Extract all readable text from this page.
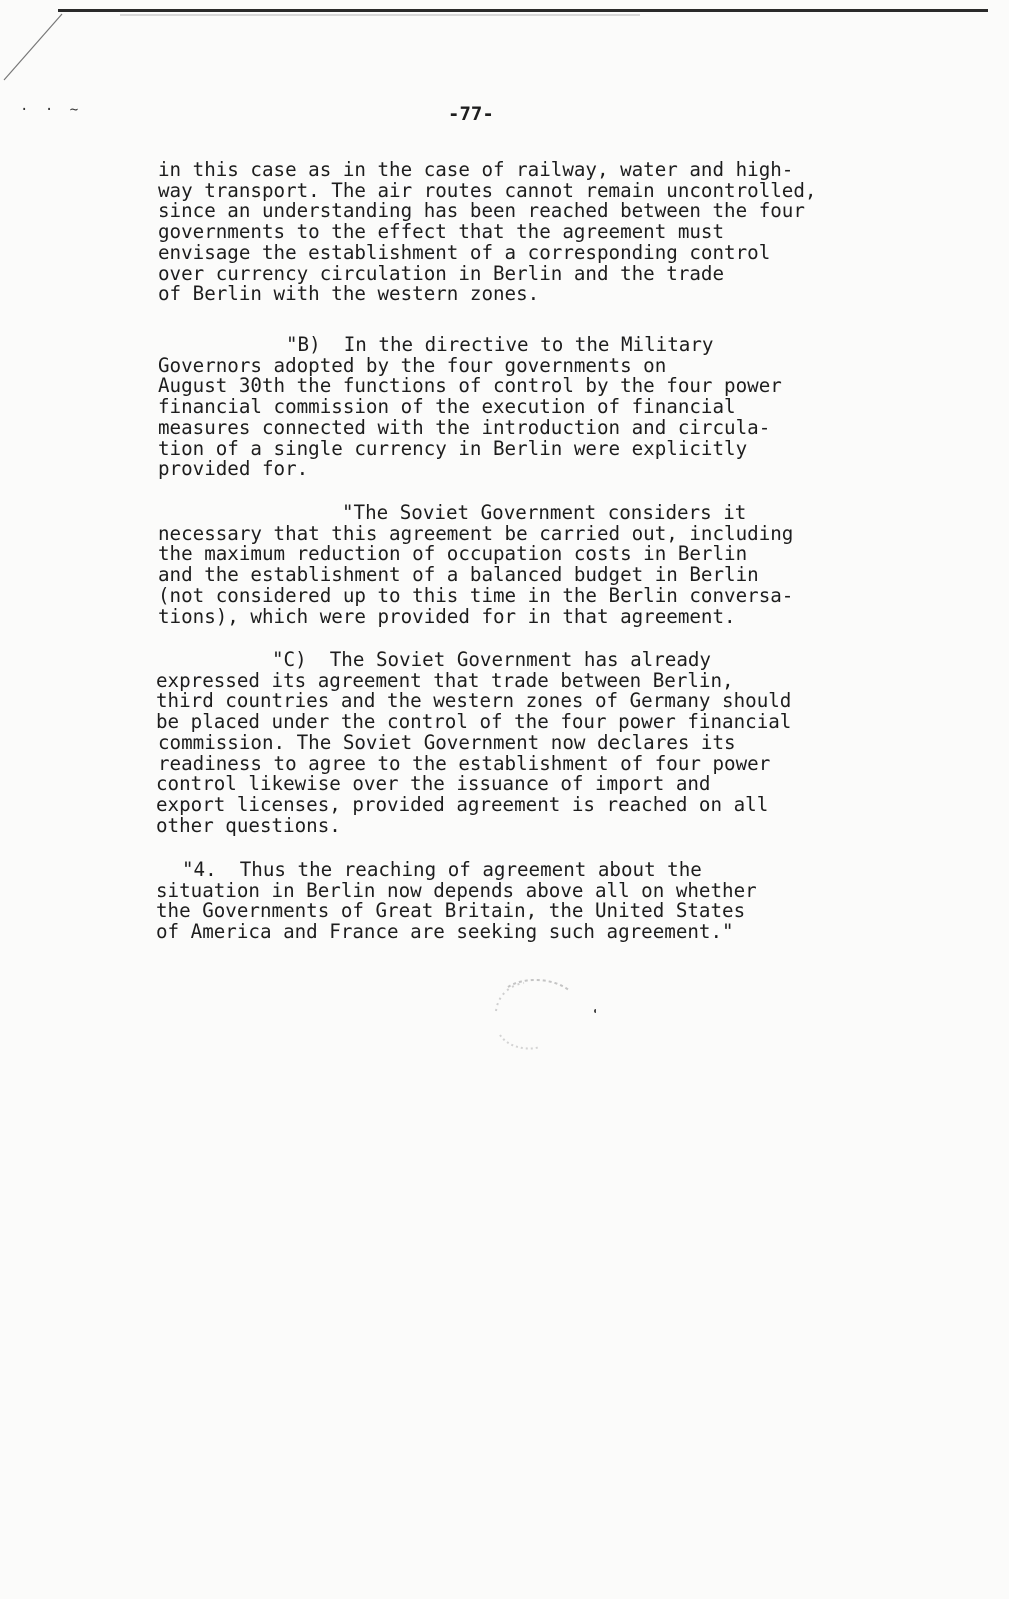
· · ~	-77-
in this case as in the case of railway, water and high-
way transport. The air routes cannot remain uncontrolled,
since an understanding has been reached between the four
governments to the effect that the agreement must
envisage the establishment of a corresponding control
over currency circulation in Berlin and the trade
of Berlin with the western zones.
"B)  In the directive to the Military
Governors adopted by the four governments on
August 30th the functions of control by the four power
financial commission of the execution of financial
measures connected with the introduction and circula-
tion of a single currency in Berlin were explicitly
provided for.
"The Soviet Government considers it
necessary that this agreement be carried out, including
the maximum reduction of occupation costs in Berlin
and the establishment of a balanced budget in Berlin
(not considered up to this time in the Berlin conversa-
tions), which were provided for in that agreement.
"C)  The Soviet Government has already
expressed its agreement that trade between Berlin,
third countries and the western zones of Germany should
be placed under the control of the four power financial
commission. The Soviet Government now declares its
readiness to agree to the establishment of four power
control likewise over the issuance of import and
export licenses, provided agreement is reached on all
other questions.
"4.  Thus the reaching of agreement about the
situation in Berlin now depends above all on whether
the Governments of Great Britain, the United States
of America and France are seeking such agreement."
